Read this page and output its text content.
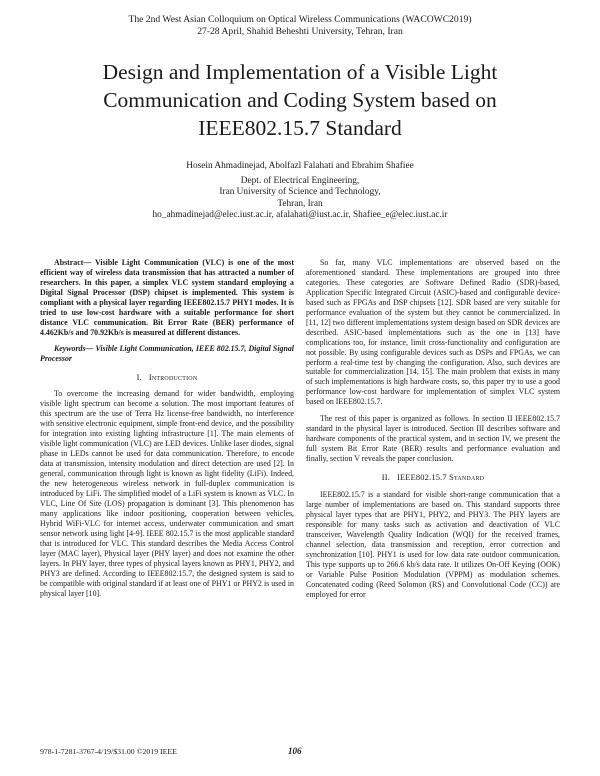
The 2nd West Asian Colloquium on Optical Wireless Communications (WACOWC2019)
27-28 April, Shahid Beheshti University, Tehran, Iran
Design and Implementation of a Visible Light
Communication and Coding System based on
IEEE802.15.7 Standard
Hosein Ahmadinejad, Abolfazl Falahati and Ebrahim Shafiee
Dept. of Electrical Engineering,
Iran University of Science and Technology,
Tehran, Iran
ho_ahmadinejad@elec.iust.ac.ir, afalahati@iust.ac.ir, Shafiee_e@elec.iust.ac.ir

Abstract— Visible Light Communication (VLC) is one of the most efficient way of wireless data transmission that has attracted a number of researchers. In this paper, a simplex VLC system standard employing a Digital Signal Processor (DSP) chipset is implemented. This system is compliant with a physical layer regarding IEEE802.15.7 PHY1 modes. It is tried to use low-cost hardware with a suitable performance for short distance VLC communication. Bit Error Rate (BER) performance of 4.462Kb/s and 70.92Kb/s is measured at different distances.

Keywords— Visible Light Communication, IEEE 802.15.7, Digital Signal Processor

I. Introduction

To overcome the increasing demand for wider bandwidth, employing visible light spectrum can become a solution. The most important features of this spectrum are the use of Terra Hz license-free bandwidth, no interference with sensitive electronic equipment, simple front-end device, and the possibility for integration into existing lighting infrastructure [1]. The main elements of visible light communication (VLC) are LED devices. Unlike laser diodes, signal phase in LEDs cannot be used for data communication. Therefore, to encode data at transmission, intensity modulation and direct detection are used [2]. In general, communication through light is known as light fidelity (LiFi). Indeed, the new heterogeneous wireless network in full-duplex communication is introduced by LiFi. The simplified model of a LiFi system is known as VLC. In VLC, Line Of Site (LOS) propagation is dominant [3]. This phenomenon has many applications like indoor positioning, cooperation between vehicles, Hybrid WiFi-VLC for internet access, underwater communication and smart sensor network using light [4-9]. IEEE 802.15.7 is the most applicable standard that is introduced for VLC. This standard describes the Media Access Control layer (MAC layer), Physical layer (PHY layer) and does not examine the other layers. In PHY layer, three types of physical layers known as PHY1, PHY2, and PHY3 are defined. According to IEEE802.15.7, the designed system is said to be compatible with original standard if at least one of PHY1 or PHY2 is used in physical layer [10].

So far, many VLC implementations are observed based on the aforementioned standard. These implementations are grouped into three categories. These categories are Software Defined Radio (SDR)-based, Application Specific Integrated Circuit (ASIC)-based and configurable device-based such as FPGAs and DSP chipsets [12]. SDR based are very suitable for performance evaluation of the system but they cannot be commercialized. In [11, 12] two different implementations system design based on SDR devices are described. ASIC-based implementations such as the one in [13] have complications too, for instance, limit cross-functionality and configuration are not possible. By using configurable devices such as DSPs and FPGAs, we can perform a real-time test by changing the configuration. Also, such devices are suitable for commercialization [14, 15]. The main problem that exists in many of such implementations is high hardware costs, so, this paper try to use a good performance low-cost hardware for implementation of simplex VLC system based on IEEE802.15.7.

The rest of this paper is organized as follows. In section II IEEE802.15.7 standard in the physical layer is introduced. Section III describes software and hardware components of the practical system, and in section IV, we present the full system Bit Error Rate (BER) results and performance evaluation and finally, section V reveals the paper conclusion.

II. IEEE802.15.7 Standard

IEEE802.15.7 is a standard for visible short-range communication that a large number of implementations are based on. This standard supports three physical layer types that are PHY1, PHY2, and PHY3. The PHY layers are responsible for many tasks such as activation and deactivation of VLC transceiver, Wavelength Quality Indication (WQI) for the received frames, channel selection, data transmission and reception, error correction and synchronization [10]. PHY1 is used for low data rate outdoor communication. This type supports up to 266.6 kb/s data rate. It utilizes On-Off Keying (OOK) or Variable Pulse Position Modulation (VPPM) as modulation schemes. Concatenated coding (Reed Solomon (RS) and Convolutional Code (CC)) are employed for error

978-1-7281-3767-4/19/$31.00 ©2019 IEEE	106
